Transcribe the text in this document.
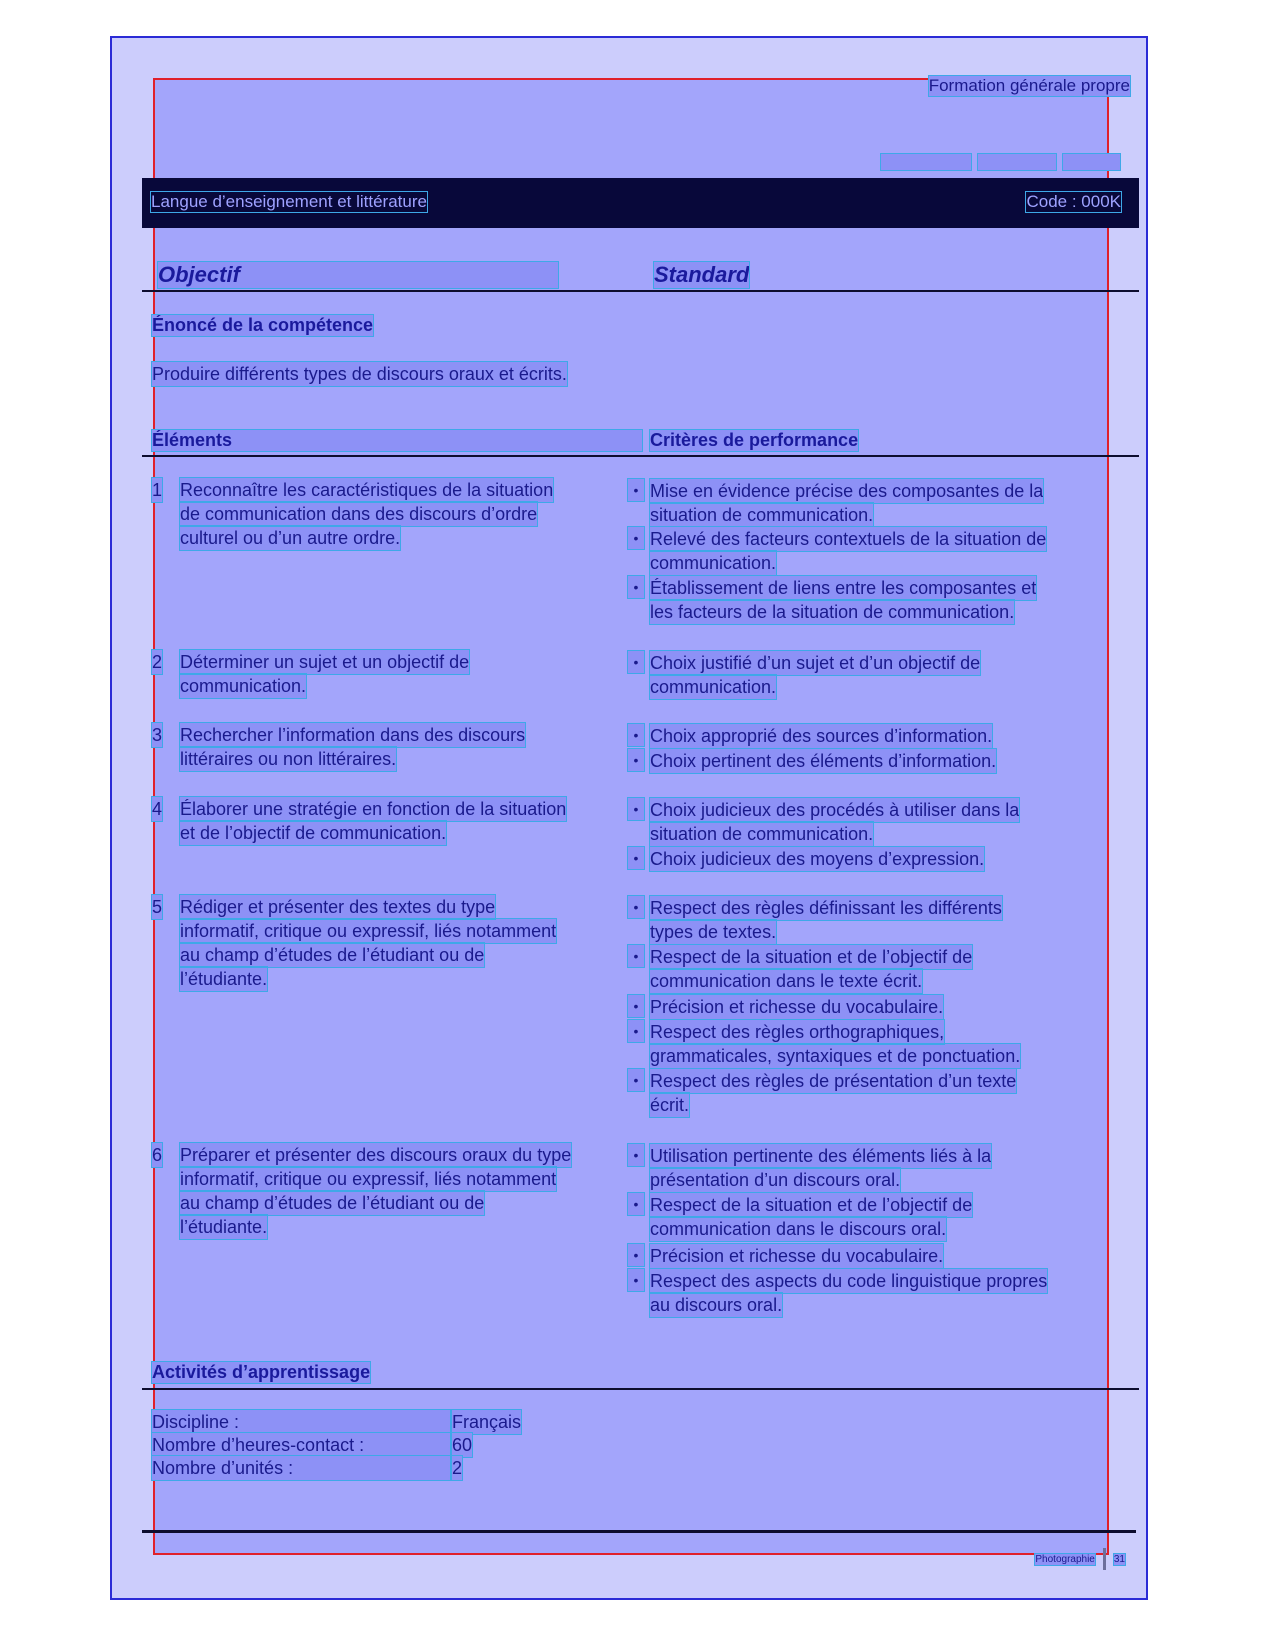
Formation générale propre
Langue d’enseignement et littérature	Code : 000K
Objectif	Standard
Énoncé de la compétence
Produire différents types de discours oraux et écrits.
Éléments	Critères de performance
1 Reconnaître les caractéristiques de la situation
de communication dans des discours d’ordre
culturel ou d’un autre ordre.
• Mise en évidence précise des composantes de la
situation de communication.
• Relevé des facteurs contextuels de la situation de
communication.
• Établissement de liens entre les composantes et
les facteurs de la situation de communication.
2 Déterminer un sujet et un objectif de
communication.
• Choix justifié d’un sujet et d’un objectif de
communication.
3 Rechercher l’information dans des discours
littéraires ou non littéraires.
• Choix approprié des sources d’information.
• Choix pertinent des éléments d’information.
4 Élaborer une stratégie en fonction de la situation
et de l’objectif de communication.
• Choix judicieux des procédés à utiliser dans la
situation de communication.
• Choix judicieux des moyens d’expression.
5 Rédiger et présenter des textes du type
informatif, critique ou expressif, liés notamment
au champ d’études de l’étudiant ou de
l’étudiante.
• Respect des règles définissant les différents
types de textes.
• Respect de la situation et de l’objectif de
communication dans le texte écrit.
• Précision et richesse du vocabulaire.
• Respect des règles orthographiques,
grammaticales, syntaxiques et de ponctuation.
• Respect des règles de présentation d’un texte
écrit.
6 Préparer et présenter des discours oraux du type
informatif, critique ou expressif, liés notamment
au champ d’études de l’étudiant ou de
l’étudiante.
• Utilisation pertinente des éléments liés à la
présentation d’un discours oral.
• Respect de la situation et de l’objectif de
communication dans le discours oral.
• Précision et richesse du vocabulaire.
• Respect des aspects du code linguistique propres
au discours oral.
Activités d’apprentissage
Discipline :	Français
Nombre d’heures-contact :	60
Nombre d’unités :	2
Photographie 31
